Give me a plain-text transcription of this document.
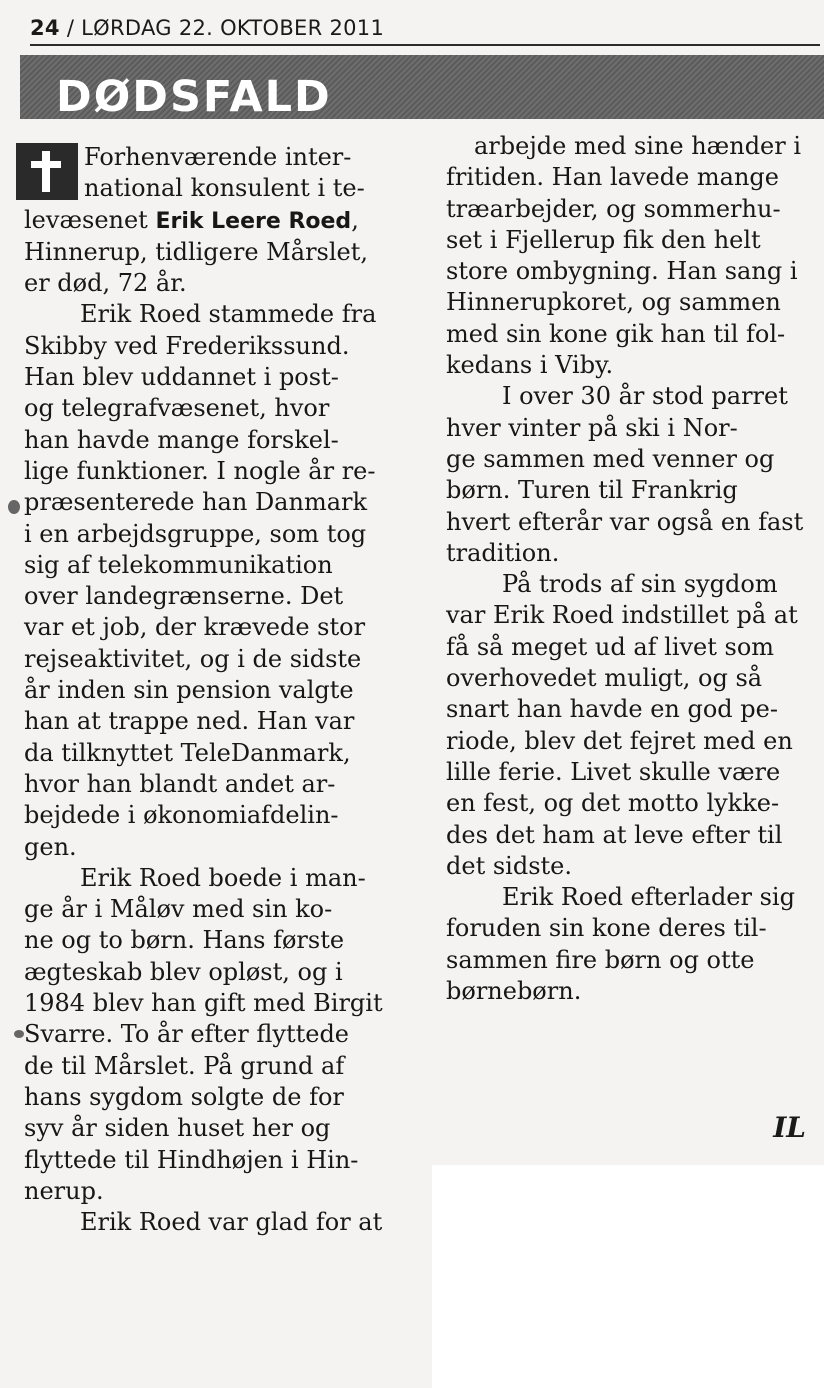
24 / LØRDAG 22. OKTOBER 2011
DØDSFALD

Forhenværende inter-
national konsulent i te-
levæsenet Erik Leere Roed,
Hinnerup, tidligere Mårslet,
er død, 72 år.

Erik Roed stammede fra
Skibby ved Frederikssund.
Han blev uddannet i post-
og telegrafvæsenet, hvor
han havde mange forskel-
lige funktioner. I nogle år re-
præsenterede han Danmark
i en arbejdsgruppe, som tog
sig af telekommunikation
over landegrænserne. Det
var et job, der krævede stor
rejseaktivitet, og i de sidste
år inden sin pension valgte
han at trappe ned. Han var
da tilknyttet TeleDanmark,
hvor han blandt andet ar-
bejdede i økonomiafdelin-
gen.

Erik Roed boede i man-
ge år i Måløv med sin ko-
ne og to børn. Hans første
ægteskab blev opløst, og i
1984 blev han gift med Birgit
Svarre. To år efter flyttede
de til Mårslet. På grund af
hans sygdom solgte de for
syv år siden huset her og
flyttede til Hindhøjen i Hin-
nerup.

Erik Roed var glad for at

arbejde med sine hænder i
fritiden. Han lavede mange
træarbejder, og sommerhu-
set i Fjellerup fik den helt
store ombygning. Han sang i
Hinnerupkoret, og sammen
med sin kone gik han til fol-
kedans i Viby.

I over 30 år stod parret
hver vinter på ski i Nor-
ge sammen med venner og
børn. Turen til Frankrig
hvert efterår var også en fast
tradition.

På trods af sin sygdom
var Erik Roed indstillet på at
få så meget ud af livet som
overhovedet muligt, og så
snart han havde en god pe-
riode, blev det fejret med en
lille ferie. Livet skulle være
en fest, og det motto lykke-
des det ham at leve efter til
det sidste.

Erik Roed efterlader sig
foruden sin kone deres til-
sammen fire børn og otte
børnebørn.

IL
